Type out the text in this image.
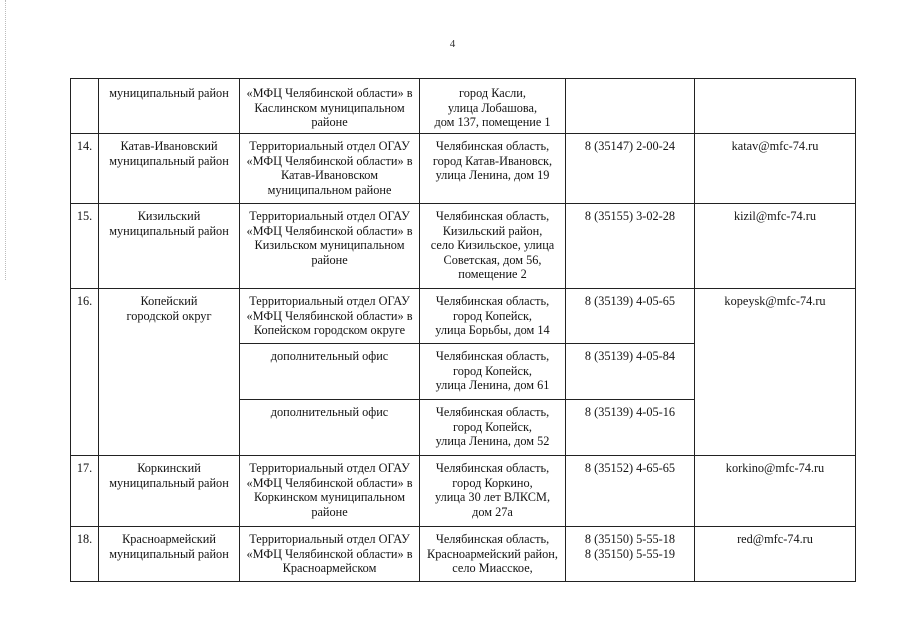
4

	муниципальный район	«МФЦ Челябинской области» в
Каслинском муниципальном
районе	город Касли,
улица Лобашова,
дом 137, помещение 1		

14.	Катав-Ивановский
муниципальный район	Территориальный отдел ОГАУ
«МФЦ Челябинской области» в
Катав-Ивановском
муниципальном районе	Челябинская область,
город Катав-Ивановск,
улица Ленина, дом 19	8 (35147) 2-00-24	katav@mfc-74.ru

15.	Кизильский
муниципальный район	Территориальный отдел ОГАУ
«МФЦ Челябинской области» в
Кизильском муниципальном
районе	Челябинская область,
Кизильский район,
село Кизильское, улица
Советская, дом 56,
помещение 2	8 (35155) 3-02-28	kizil@mfc-74.ru

16.	Копейский
городской округ	Территориальный отдел ОГАУ
«МФЦ Челябинской области» в
Копейском городском округе	Челябинская область,
город Копейск,
улица Борьбы, дом 14	8 (35139) 4-05-65	kopeysk@mfc-74.ru

		дополнительный офис	Челябинская область,
город Копейск,
улица Ленина, дом 61	8 (35139) 4-05-84	

		дополнительный офис	Челябинская область,
город Копейск,
улица Ленина, дом 52	8 (35139) 4-05-16	

17.	Коркинский
муниципальный район	Территориальный отдел ОГАУ
«МФЦ Челябинской области» в
Коркинском муниципальном
районе	Челябинская область,
город Коркино,
улица 30 лет ВЛКСМ,
дом 27а	8 (35152) 4-65-65	korkino@mfc-74.ru

18.	Красноармейский
муниципальный район	Территориальный отдел ОГАУ
«МФЦ Челябинской области» в
Красноармейском	Челябинская область,
Красноармейский район,
село Миасское,	8 (35150) 5-55-18
8 (35150) 5-55-19	red@mfc-74.ru
